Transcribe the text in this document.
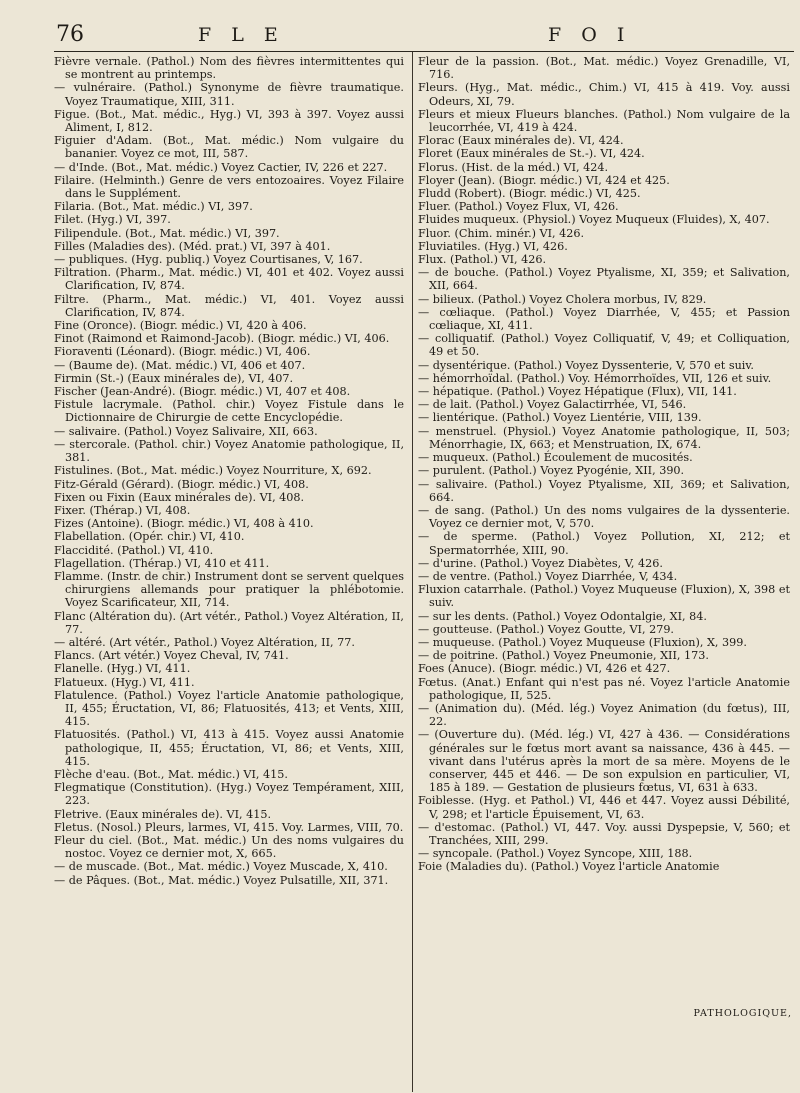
76	F L E	F O I

Fièvre vernale. (Pathol.) Nom des fièvres intermittentes qui se montrent au printemps.

— vulnéraire. (Pathol.) Synonyme de fièvre traumatique. Voyez Traumatique, XIII, 311.

Figue. (Bot., Mat. médic., Hyg.) VI, 393 à 397. Voyez aussi Aliment, I, 812.

Figuier d'Adam. (Bot., Mat. médic.) Nom vulgaire du bananier. Voyez ce mot, III, 587.

— d'Inde. (Bot., Mat. médic.) Voyez Cactier, IV, 226 et 227.

Filaire. (Helminth.) Genre de vers entozoaires. Voyez Filaire dans le Supplément.

Filaria. (Bot., Mat. médic.) VI, 397.

Filet. (Hyg.) VI, 397.

Filipendule. (Bot., Mat. médic.) VI, 397.

Filles (Maladies des). (Méd. prat.) VI, 397 à 401.

— publiques. (Hyg. publiq.) Voyez Courtisanes, V, 167.

Filtration. (Pharm., Mat. médic.) VI, 401 et 402. Voyez aussi Clarification, IV, 874.

Filtre. (Pharm., Mat. médic.) VI, 401. Voyez aussi Clarification, IV, 874.

Fine (Oronce). (Biogr. médic.) VI, 420 à 406.

Finot (Raimond et Raimond-Jacob). (Biogr. médic.) VI, 406.

Fioraventi (Léonard). (Biogr. médic.) VI, 406.

— (Baume de). (Mat. médic.) VI, 406 et 407.

Firmin (St.-) (Eaux minérales de), VI, 407.

Fischer (Jean-André). (Biogr. médic.) VI, 407 et 408.

Fistule lacrymale. (Pathol. chir.) Voyez Fistule dans le Dictionnaire de Chirurgie de cette Encyclopédie.

— salivaire. (Pathol.) Voyez Salivaire, XII, 663.

— stercorale. (Pathol. chir.) Voyez Anatomie pathologique, II, 381.

Fistulines. (Bot., Mat. médic.) Voyez Nourriture, X, 692.

Fitz-Gérald (Gérard). (Biogr. médic.) VI, 408.

Fixen ou Fixin (Eaux minérales de). VI, 408.

Fixer. (Thérap.) VI, 408.

Fizes (Antoine). (Biogr. médic.) VI, 408 à 410.

Flabellation. (Opér. chir.) VI, 410.

Flaccidité. (Pathol.) VI, 410.

Flagellation. (Thérap.) VI, 410 et 411.

Flamme. (Instr. de chir.) Instrument dont se servent quelques chirurgiens allemands pour pratiquer la phlébotomie. Voyez Scarificateur, XII, 714.

Flanc (Altération du). (Art vétér., Pathol.) Voyez Altération, II, 77.

— altéré. (Art vétér., Pathol.) Voyez Altération, II, 77.

Flancs. (Art vétér.) Voyez Cheval, IV, 741.

Flanelle. (Hyg.) VI, 411.

Flatueux. (Hyg.) VI, 411.

Flatulence. (Pathol.) Voyez l'article Anatomie pathologique, II, 455; Éructation, VI, 86; Flatuosités, 413; et Vents, XIII, 415.

Flatuosités. (Pathol.) VI, 413 à 415. Voyez aussi Anatomie pathologique, II, 455; Éructation, VI, 86; et Vents, XIII, 415.

Flèche d'eau. (Bot., Mat. médic.) VI, 415.

Flegmatique (Constitution). (Hyg.) Voyez Tempérament, XIII, 223.

Fletrive. (Eaux minérales de). VI, 415.

Fletus. (Nosol.) Pleurs, larmes, VI, 415. Voy. Larmes, VIII, 70.

Fleur du ciel. (Bot., Mat. médic.) Un des noms vulgaires du nostoc. Voyez ce dernier mot, X, 665.

— de muscade. (Bot., Mat. médic.) Voyez Muscade, X, 410.

— de Pâques. (Bot., Mat. médic.) Voyez Pulsatille, XII, 371.

Fleur de la passion. (Bot., Mat. médic.) Voyez Grenadille, VI, 716.

Fleurs. (Hyg., Mat. médic., Chim.) VI, 415 à 419. Voy. aussi Odeurs, XI, 79.

Fleurs et mieux Flueurs blanches. (Pathol.) Nom vulgaire de la leucorrhée, VI, 419 à 424.

Florac (Eaux minérales de). VI, 424.

Floret (Eaux minérales de St.-). VI, 424.

Florus. (Hist. de la méd.) VI, 424.

Floyer (Jean). (Biogr. médic.) VI, 424 et 425.

Fludd (Robert). (Biogr. médic.) VI, 425.

Fluer. (Pathol.) Voyez Flux, VI, 426.

Fluides muqueux. (Physiol.) Voyez Muqueux (Fluides), X, 407.

Fluor. (Chim. minér.) VI, 426.

Fluviatiles. (Hyg.) VI, 426.

Flux. (Pathol.) VI, 426.

— de bouche. (Pathol.) Voyez Ptyalisme, XI, 359; et Salivation, XII, 664.

— bilieux. (Pathol.) Voyez Cholera morbus, IV, 829.

— cœliaque. (Pathol.) Voyez Diarrhée, V, 455; et Passion cœliaque, XI, 411.

— colliquatif. (Pathol.) Voyez Colliquatif, V, 49; et Colliquation, 49 et 50.

— dysentérique. (Pathol.) Voyez Dyssenterie, V, 570 et suiv.

— hémorrhoïdal. (Pathol.) Voy. Hémorrhoïdes, VII, 126 et suiv.

— hépatique. (Pathol.) Voyez Hépatique (Flux), VII, 141.

— de lait. (Pathol.) Voyez Galactirrhée, VI, 546.

— lientérique. (Pathol.) Voyez Lientérie, VIII, 139.

— menstruel. (Physiol.) Voyez Anatomie pathologique, II, 503; Ménorrhagie, IX, 663; et Menstruation, IX, 674.

— muqueux. (Pathol.) Écoulement de mucosités.

— purulent. (Pathol.) Voyez Pyogénie, XII, 390.

— salivaire. (Pathol.) Voyez Ptyalisme, XII, 369; et Salivation, 664.

— de sang. (Pathol.) Un des noms vulgaires de la dyssenterie. Voyez ce dernier mot, V, 570.

— de sperme. (Pathol.) Voyez Pollution, XI, 212; et Spermatorrhée, XIII, 90.

— d'urine. (Pathol.) Voyez Diabètes, V, 426.

— de ventre. (Pathol.) Voyez Diarrhée, V, 434.

Fluxion catarrhale. (Pathol.) Voyez Muqueuse (Fluxion), X, 398 et suiv.

— sur les dents. (Pathol.) Voyez Odontalgie, XI, 84.

— goutteuse. (Pathol.) Voyez Goutte, VI, 279.

— muqueuse. (Pathol.) Voyez Muqueuse (Fluxion), X, 399.

— de poitrine. (Pathol.) Voyez Pneumonie, XII, 173.

Foes (Anuce). (Biogr. médic.) VI, 426 et 427.

Fœtus. (Anat.) Enfant qui n'est pas né. Voyez l'article Anatomie pathologique, II, 525.

— (Animation du). (Méd. lég.) Voyez Animation (du fœtus), III, 22.

— (Ouverture du). (Méd. lég.) VI, 427 à 436. — Considérations générales sur le fœtus mort avant sa naissance, 436 à 445. — vivant dans l'utérus après la mort de sa mère. Moyens de le conserver, 445 et 446. — De son expulsion en particulier, VI, 185 à 189. — Gestation de plusieurs fœtus, VI, 631 à 633.

Foiblesse. (Hyg. et Pathol.) VI, 446 et 447. Voyez aussi Débilité, V, 298; et l'article Épuisement, VI, 63.

— d'estomac. (Pathol.) VI, 447. Voy. aussi Dyspepsie, V, 560; et Tranchées, XIII, 299.

— syncopale. (Pathol.) Voyez Syncope, XIII, 188.

Foie (Maladies du). (Pathol.) Voyez l'article Anatomie

PATHOLOGIQUE,
